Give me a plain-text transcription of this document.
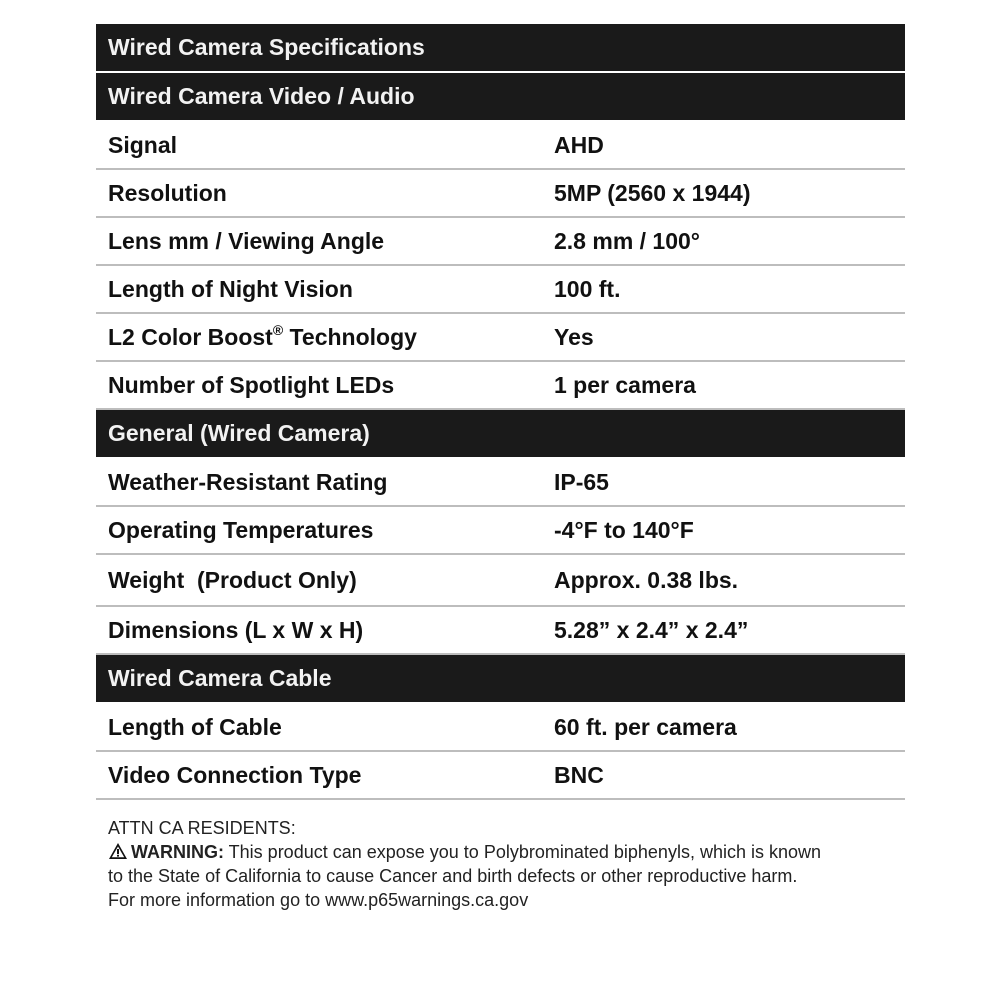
Wired Camera Specifications
Wired Camera Video / Audio
Signal	AHD
Resolution	5MP (2560 x 1944)
Lens mm / Viewing Angle	2.8 mm / 100°
Length of Night Vision	100 ft.
L2 Color Boost® Technology	Yes
Number of Spotlight LEDs	1 per camera
General (Wired Camera)
Weather-Resistant Rating	IP-65
Operating Temperatures	-4°F to 140°F
Weight  (Product Only)	Approx. 0.38 lbs.
Dimensions (L x W x H)	5.28” x 2.4” x 2.4”
Wired Camera Cable
Length of Cable	60 ft. per camera
Video Connection Type	BNC
ATTN CA RESIDENTS:
WARNING: This product can expose you to Polybrominated biphenyls, which is known
to the State of California to cause Cancer and birth defects or other reproductive harm.
For more information go to www.p65warnings.ca.gov
